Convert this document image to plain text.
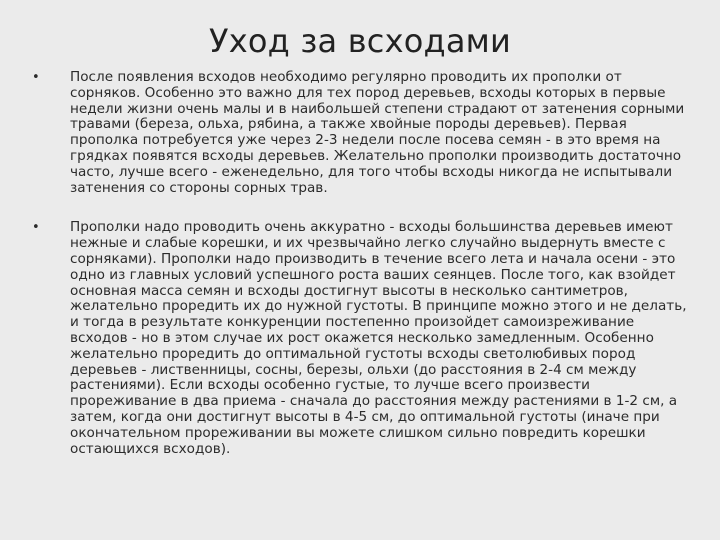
Уход за всходами
• После появления всходов необходимо регулярно проводить их прополки от сорняков. Особенно это важно для тех пород деревьев, всходы которых в первые недели жизни очень малы и в наибольшей степени страдают от затенения сорными травами (береза, ольха, рябина, а также хвойные породы деревьев). Первая прополка потребуется уже через 2-3 недели после посева семян - в это время на грядках появятся всходы деревьев. Желательно прополки производить достаточно часто, лучше всего - еженедельно, для того чтобы всходы никогда не испытывали затенения со стороны сорных трав.
• Прополки надо проводить очень аккуратно - всходы большинства деревьев имеют нежные и слабые корешки, и их чрезвычайно легко случайно выдернуть вместе с сорняками). Прополки надо производить в течение всего лета и начала осени - это одно из главных условий успешного роста ваших сеянцев. После того, как взойдет основная масса семян и всходы достигнут высоты в несколько сантиметров, желательно проредить их до нужной густоты. В принципе можно этого и не делать, и тогда в результате конкуренции постепенно произойдет самоизреживание всходов - но в этом случае их рост окажется несколько замедленным. Особенно желательно проредить до оптимальной густоты всходы светолюбивых пород деревьев - лиственницы, сосны, березы, ольхи (до расстояния в 2-4 см между растениями). Если всходы особенно густые, то лучше всего произвести прореживание в два приема - сначала до расстояния между растениями в 1-2 см, а затем, когда они достигнут высоты в 4-5 см, до оптимальной густоты (иначе при окончательном прореживании вы можете слишком сильно повредить корешки остающихся всходов).
